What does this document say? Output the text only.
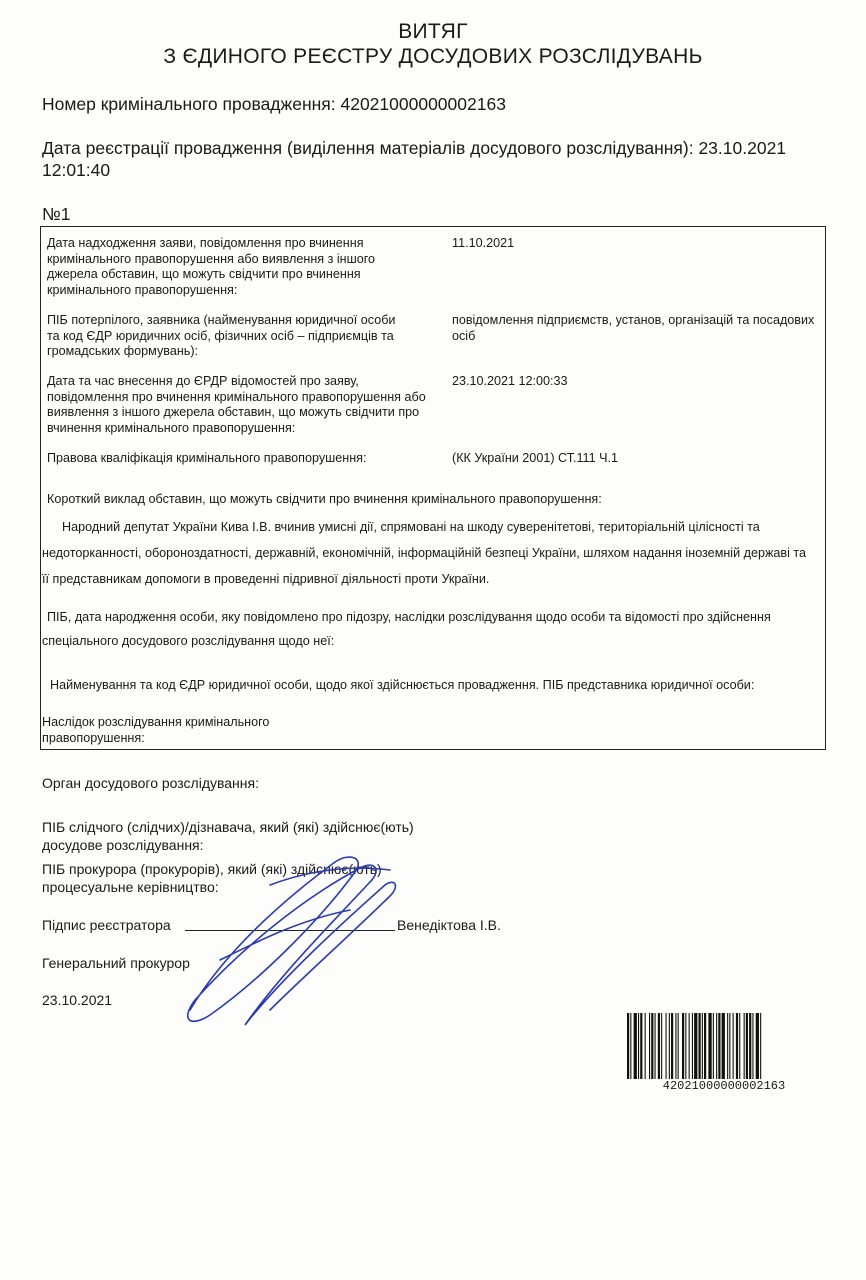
ВИТЯГ
З ЄДИНОГО РЕЄСТРУ ДОСУДОВИХ РОЗСЛІДУВАНЬ
Номер кримінального провадження: 42021000000002163
Дата реєстрації провадження (виділення матеріалів досудового розслідування): 23.10.2021
12:01:40
№1
Дата надходження заяви, повідомлення про вчинення
кримінального правопорушення або виявлення з іншого
джерела обставин, що можуть свідчити про вчинення
кримінального правопорушення:
11.10.2021
ПІБ потерпілого, заявника (найменування юридичної особи
та код ЄДР юридичних осіб, фізичних осіб – підприємців та
громадських формувань):
повідомлення підприємств, установ, організацій та посадових
осіб
Дата та час внесення до ЄРДР відомостей про заяву,
повідомлення про вчинення кримінального правопорушення або
виявлення з іншого джерела обставин, що можуть свідчити про
вчинення кримінального правопорушення:
23.10.2021 12:00:33
Правова кваліфікація кримінального правопорушення:	(КК України 2001) СТ.111 Ч.1
Короткий виклад обставин, що можуть свідчити про вчинення кримінального правопорушення:
Народний депутат України Кива І.В. вчинив умисні дії, спрямовані на шкоду суверенітетові, територіальній цілісності та
недоторканності, обороноздатності, державній, економічній, інформаційній безпеці України, шляхом надання іноземній державі та
її представникам допомоги в проведенні підривної діяльності проти України.
ПІБ, дата народження особи, яку повідомлено про підозру, наслідки розслідування щодо особи та відомості про здійснення
спеціального досудового розслідування щодо неї:
Найменування та код ЄДР юридичної особи, щодо якої здійснюється провадження. ПІБ представника юридичної особи:
Наслідок розслідування кримінального
правопорушення:
Орган досудового розслідування:
ПІБ слідчого (слідчих)/дізнавача, який (які) здійснює(ють)
досудове розслідування:
ПІБ прокурора (прокурорів), який (які) здійснює(ють)
процесуальне керівництво:
Підпис реєстратора	Венедіктова І.В.
Генеральний прокурор
23.10.2021
42021000000002163
